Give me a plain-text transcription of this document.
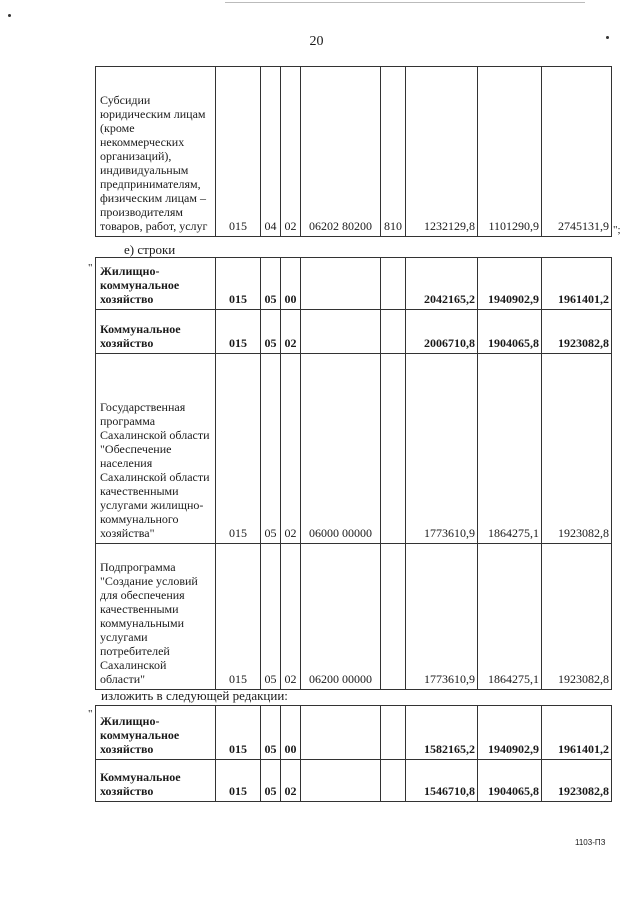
20
Субсидии юридическим лицам (кроме некоммерческих организаций), индивидуальным предпринимателям, физическим лицам – производителям товаров, работ, услуг	015	04	02	06202 80200	810	1232129,8	1101290,9	2745131,9 ";
е) строки
" Жилищно-коммунальное хозяйство	015	05	00			2042165,2	1940902,9	1961401,2
Коммунальное хозяйство	015	05	02			2006710,8	1904065,8	1923082,8
Государственная программа Сахалинской области "Обеспечение населения Сахалинской области качественными услугами жилищно-коммунального хозяйства"	015	05	02	06000 00000		1773610,9	1864275,1	1923082,8
Подпрограмма "Создание условий для обеспечения качественными коммунальными услугами потребителей Сахалинской области"	015	05	02	06200 00000		1773610,9	1864275,1	1923082,8
изложить в следующей редакции:
" Жилищно-коммунальное хозяйство	015	05	00			1582165,2	1940902,9	1961401,2
Коммунальное хозяйство	015	05	02			1546710,8	1904065,8	1923082,8
1103-ПЗ
